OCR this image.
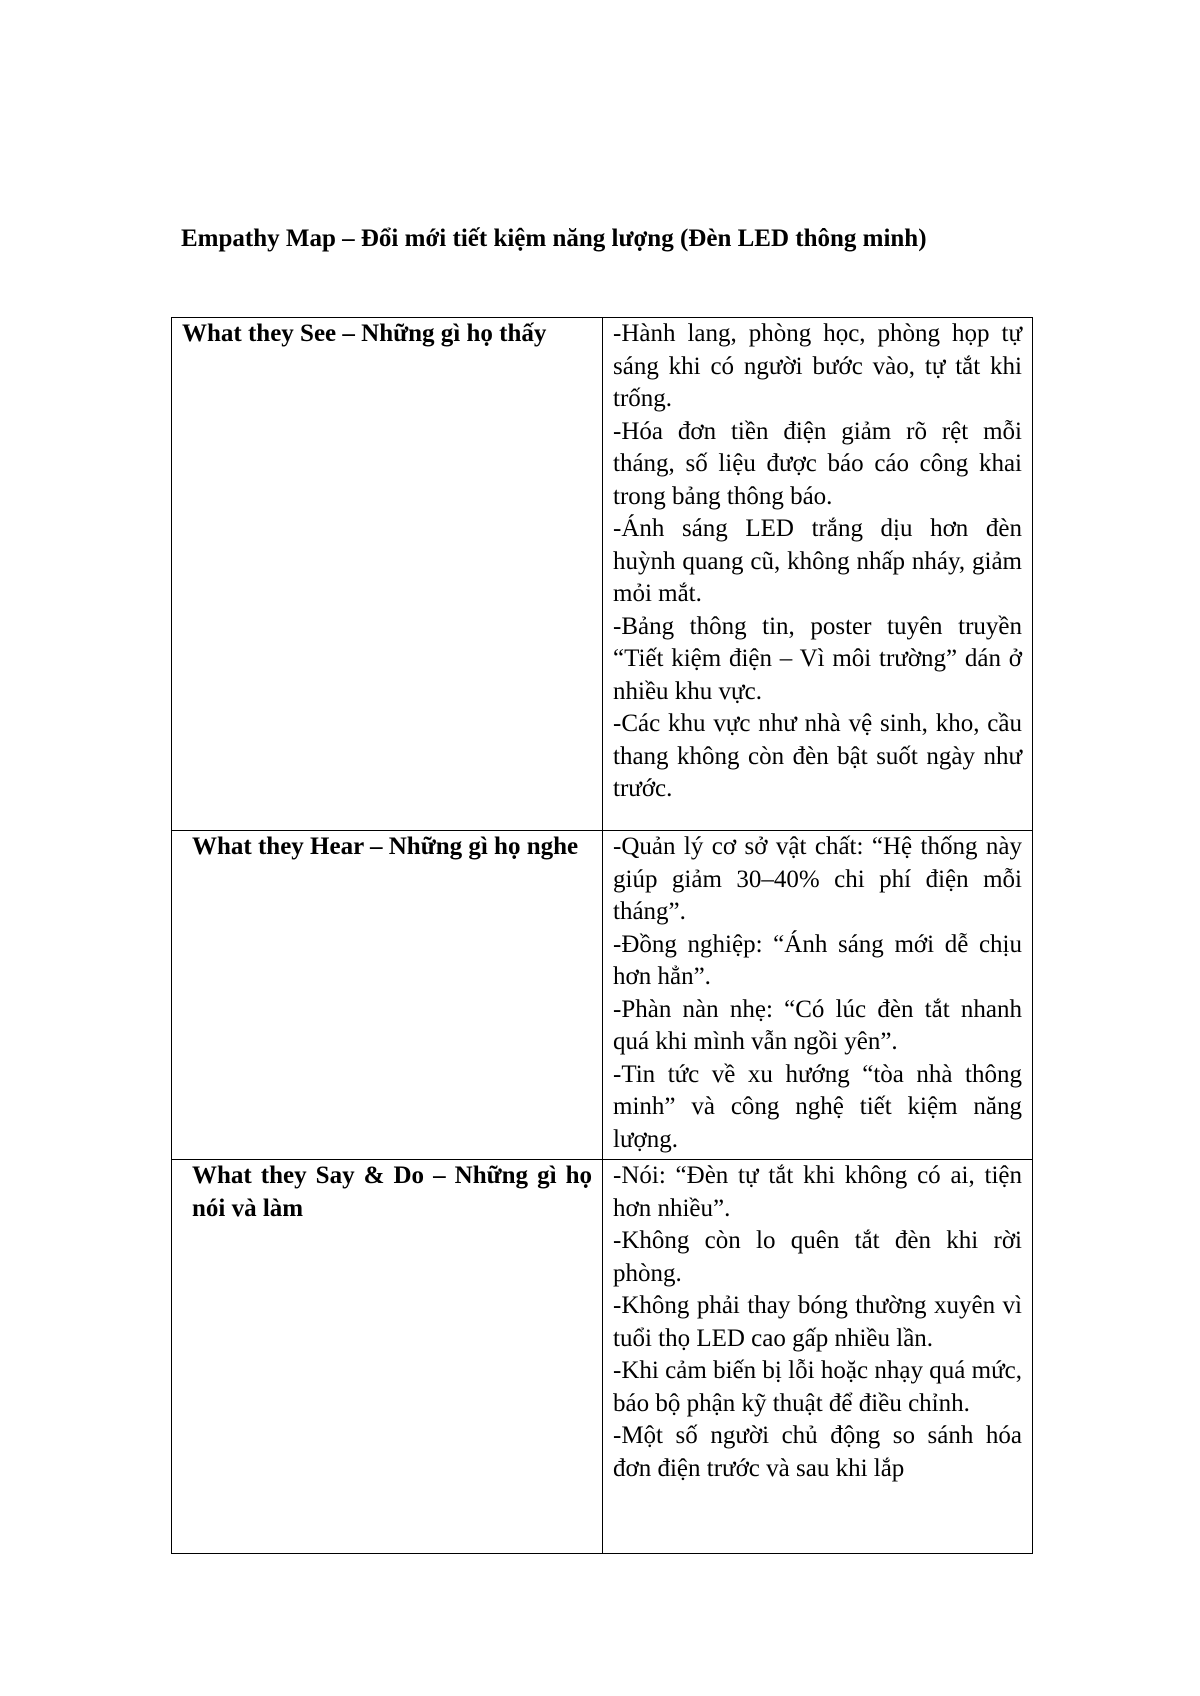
Empathy Map – Đổi mới tiết kiệm năng lượng (Đèn LED thông minh)
What they See – Những gì họ thấy	-Hành lang, phòng học, phòng họp tự sáng khi có người bước vào, tự tắt khi trống.

-Hóa đơn tiền điện giảm rõ rệt mỗi tháng, số liệu được báo cáo công khai trong bảng thông báo.

-Ánh sáng LED trắng dịu hơn đèn huỳnh quang cũ, không nhấp nháy, giảm mỏi mắt.

-Bảng thông tin, poster tuyên truyền “Tiết kiệm điện – Vì môi trường” dán ở nhiều khu vực.

-Các khu vực như nhà vệ sinh, kho, cầu thang không còn đèn bật suốt ngày như trước.

What they Hear – Những gì họ nghe	-Quản lý cơ sở vật chất: “Hệ thống này giúp giảm 30–40% chi phí điện mỗi tháng”.

-Đồng nghiệp: “Ánh sáng mới dễ chịu hơn hẳn”.

-Phàn nàn nhẹ: “Có lúc đèn tắt nhanh quá khi mình vẫn ngồi yên”.

-Tin tức về xu hướng “tòa nhà thông minh” và công nghệ tiết kiệm năng lượng.

What they Say & Do – Những gì họ nói và làm	-Nói: “Đèn tự tắt khi không có ai, tiện hơn nhiều”.

-Không còn lo quên tắt đèn khi rời phòng.

-Không phải thay bóng thường xuyên vì tuổi thọ LED cao gấp nhiều lần.

-Khi cảm biến bị lỗi hoặc nhạy quá mức, báo bộ phận kỹ thuật để điều chỉnh.

-Một số người chủ động so sánh hóa đơn điện trước và sau khi lắp
